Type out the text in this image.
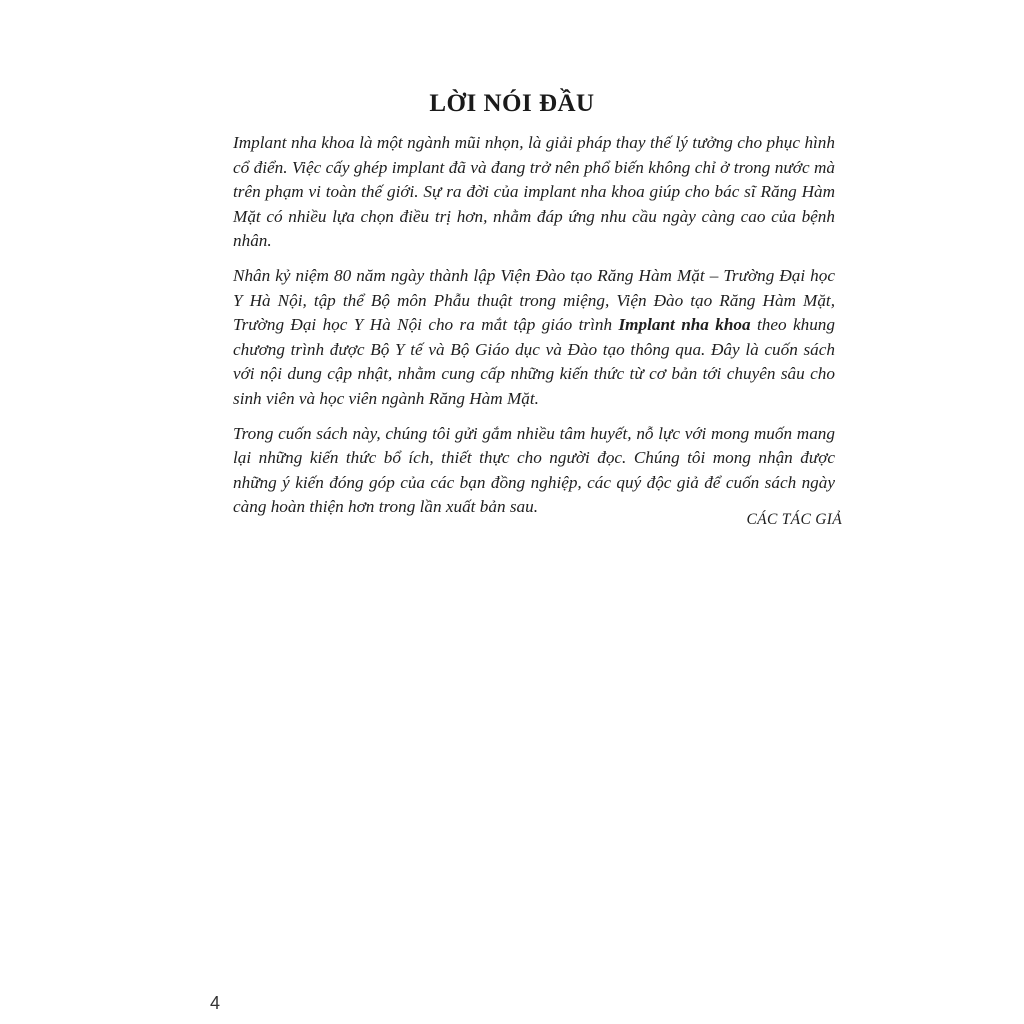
LỜI NÓI ĐẦU

Implant nha khoa là một ngành mũi nhọn, là giải pháp thay thế lý tưởng cho phục hình cổ điển. Việc cấy ghép implant đã và đang trở nên phổ biến không chỉ ở trong nước mà trên phạm vi toàn thế giới. Sự ra đời của implant nha khoa giúp cho bác sĩ Răng Hàm Mặt có nhiều lựa chọn điều trị hơn, nhằm đáp ứng nhu cầu ngày càng cao của bệnh nhân.

Nhân kỷ niệm 80 năm ngày thành lập Viện Đào tạo Răng Hàm Mặt – Trường Đại học Y Hà Nội, tập thể Bộ môn Phẫu thuật trong miệng, Viện Đào tạo Răng Hàm Mặt, Trường Đại học Y Hà Nội cho ra mắt tập giáo trình Implant nha khoa theo khung chương trình được Bộ Y tế và Bộ Giáo dục và Đào tạo thông qua. Đây là cuốn sách với nội dung cập nhật, nhằm cung cấp những kiến thức từ cơ bản tới chuyên sâu cho sinh viên và học viên ngành Răng Hàm Mặt.

Trong cuốn sách này, chúng tôi gửi gắm nhiều tâm huyết, nỗ lực với mong muốn mang lại những kiến thức bổ ích, thiết thực cho người đọc. Chúng tôi mong nhận được những ý kiến đóng góp của các bạn đồng nghiệp, các quý độc giả để cuốn sách ngày càng hoàn thiện hơn trong lần xuất bản sau.

CÁC TÁC GIẢ
4
